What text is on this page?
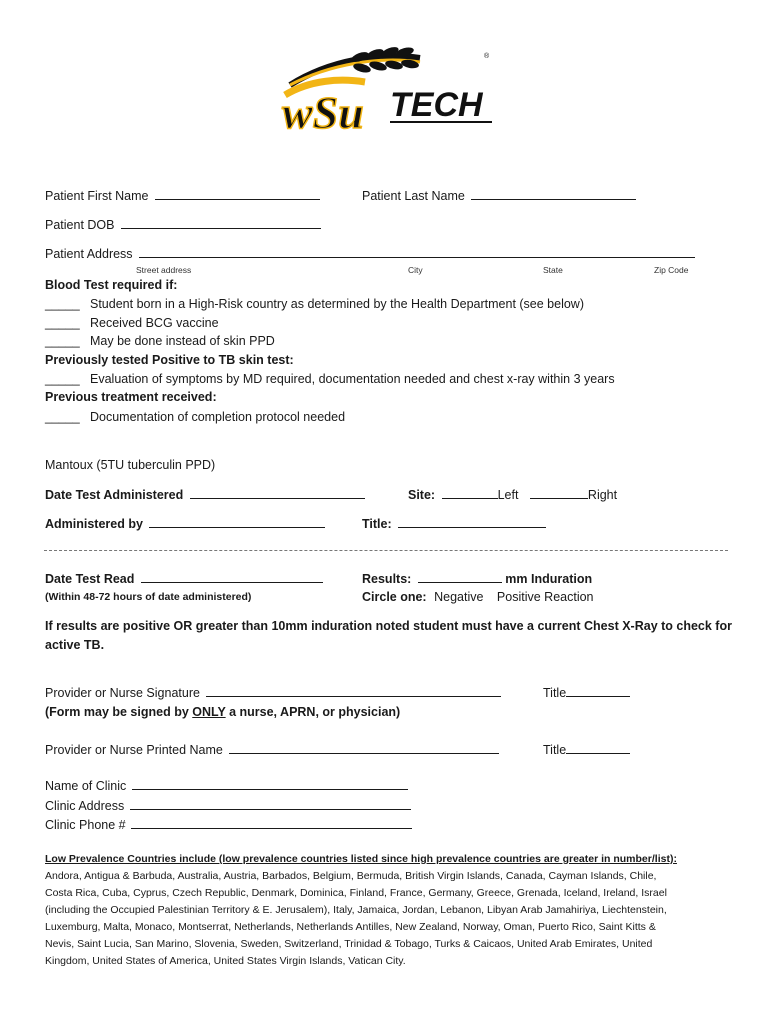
wSu TECH
®
Patient First Name	Patient Last Name
Patient DOB
Patient Address
Street address	City	State	Zip Code
Blood Test required if:
_____ Student born in a High-Risk country as determined by the Health Department (see below)
_____ Received BCG vaccine
_____ May be done instead of skin PPD
Previously tested Positive to TB skin test:
_____ Evaluation of symptoms by MD required, documentation needed and chest x-ray within 3 years
Previous treatment received:
_____ Documentation of completion protocol needed
Mantoux (5TU tuberculin PPD)
Date Test Administered	Site:	Left	Right
Administered by	Title:
Date Test Read
(Within 48-72 hours of date administered)
Results:	mm Induration
Circle one: Negative Positive Reaction
If results are positive OR greater than 10mm induration noted student must have a current Chest X-Ray to check for
active TB.
Provider or Nurse Signature	Title
(Form may be signed by ONLY a nurse, APRN, or physician)
Provider or Nurse Printed Name	Title
Name of Clinic
Clinic Address
Clinic Phone #
Low Prevalence Countries include (low prevalence countries listed since high prevalence countries are greater in number/list):
Andora, Antigua & Barbuda, Australia, Austria, Barbados, Belgium, Bermuda, British Virgin Islands, Canada, Cayman Islands, Chile,
Costa Rica, Cuba, Cyprus, Czech Republic, Denmark, Dominica, Finland, France, Germany, Greece, Grenada, Iceland, Ireland, Israel
(including the Occupied Palestinian Territory & E. Jerusalem), Italy, Jamaica, Jordan, Lebanon, Libyan Arab Jamahiriya, Liechtenstein,
Luxemburg, Malta, Monaco, Montserrat, Netherlands, Netherlands Antilles, New Zealand, Norway, Oman, Puerto Rico, Saint Kitts &
Nevis, Saint Lucia, San Marino, Slovenia, Sweden, Switzerland, Trinidad & Tobago, Turks & Caicaos, United Arab Emirates, United
Kingdom, United States of America, United States Virgin Islands, Vatican City.
